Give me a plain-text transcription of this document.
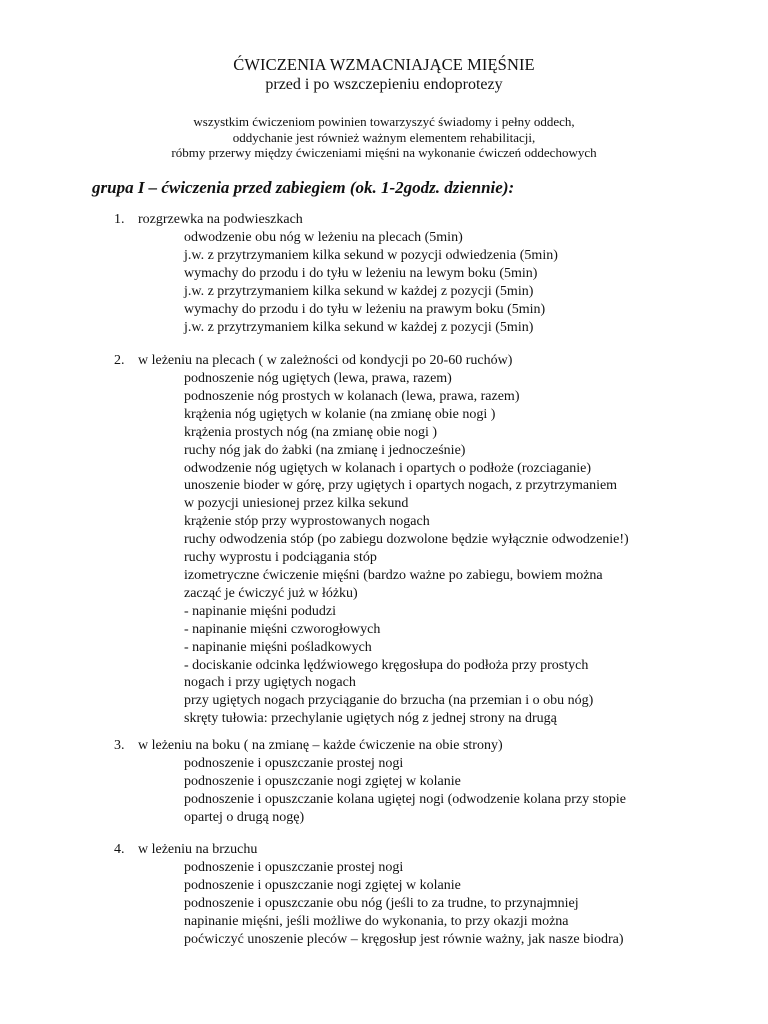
ĆWICZENIA WZMACNIAJĄCE MIĘŚNIE
przed i po wszczepieniu endoprotezy
wszystkim ćwiczeniom powinien towarzyszyć świadomy i pełny oddech,
oddychanie jest również ważnym elementem rehabilitacji,
róbmy przerwy między ćwiczeniami mięśni na wykonanie ćwiczeń oddechowych
grupa I – ćwiczenia przed zabiegiem (ok. 1-2godz. dziennie):
1. rozgrzewka na podwieszkach
odwodzenie obu nóg w leżeniu na plecach (5min)
j.w. z przytrzymaniem kilka sekund w pozycji odwiedzenia (5min)
wymachy do przodu i do tyłu w leżeniu na lewym boku (5min)
j.w. z przytrzymaniem kilka sekund w każdej z pozycji (5min)
wymachy do przodu i do tyłu w leżeniu na prawym boku (5min)
j.w. z przytrzymaniem kilka sekund w każdej z pozycji (5min)
2. w leżeniu na plecach ( w zależności od kondycji po 20-60 ruchów)
podnoszenie nóg ugiętych (lewa, prawa, razem)
podnoszenie nóg prostych w kolanach (lewa, prawa, razem)
krążenia nóg ugiętych w kolanie (na zmianę obie nogi )
krążenia prostych nóg (na zmianę obie nogi )
ruchy nóg jak do żabki (na zmianę i jednocześnie)
odwodzenie nóg ugiętych w kolanach i opartych o podłoże (rozciaganie)
unoszenie bioder w górę, przy ugiętych i opartych nogach, z przytrzymaniem
w pozycji uniesionej przez kilka sekund
krążenie stóp przy wyprostowanych nogach
ruchy odwodzenia stóp (po zabiegu dozwolone będzie wyłącznie odwodzenie!)
ruchy wyprostu i podciągania stóp
izometryczne ćwiczenie mięśni (bardzo ważne po zabiegu, bowiem można
zacząć je ćwiczyć już w łóżku)
- napinanie mięśni podudzi
- napinanie mięśni czworogłowych
- napinanie mięśni pośladkowych
- dociskanie odcinka lędźwiowego kręgosłupa do podłoża przy prostych
nogach i przy ugiętych nogach
przy ugiętych nogach przyciąganie do brzucha (na przemian i o obu nóg)
skręty tułowia: przechylanie ugiętych nóg z jednej strony na drugą
3. w leżeniu na boku ( na zmianę – każde ćwiczenie na obie strony)
podnoszenie i opuszczanie prostej nogi
podnoszenie i opuszczanie nogi zgiętej w kolanie
podnoszenie i opuszczanie kolana ugiętej nogi (odwodzenie kolana przy stopie
opartej o drugą nogę)
4. w leżeniu na brzuchu
podnoszenie i opuszczanie prostej nogi
podnoszenie i opuszczanie nogi zgiętej w kolanie
podnoszenie i opuszczanie obu nóg (jeśli to za trudne, to przynajmniej
napinanie mięśni, jeśli możliwe do wykonania, to przy okazji można
poćwiczyć unoszenie pleców – kręgosłup jest równie ważny, jak nasze biodra)
